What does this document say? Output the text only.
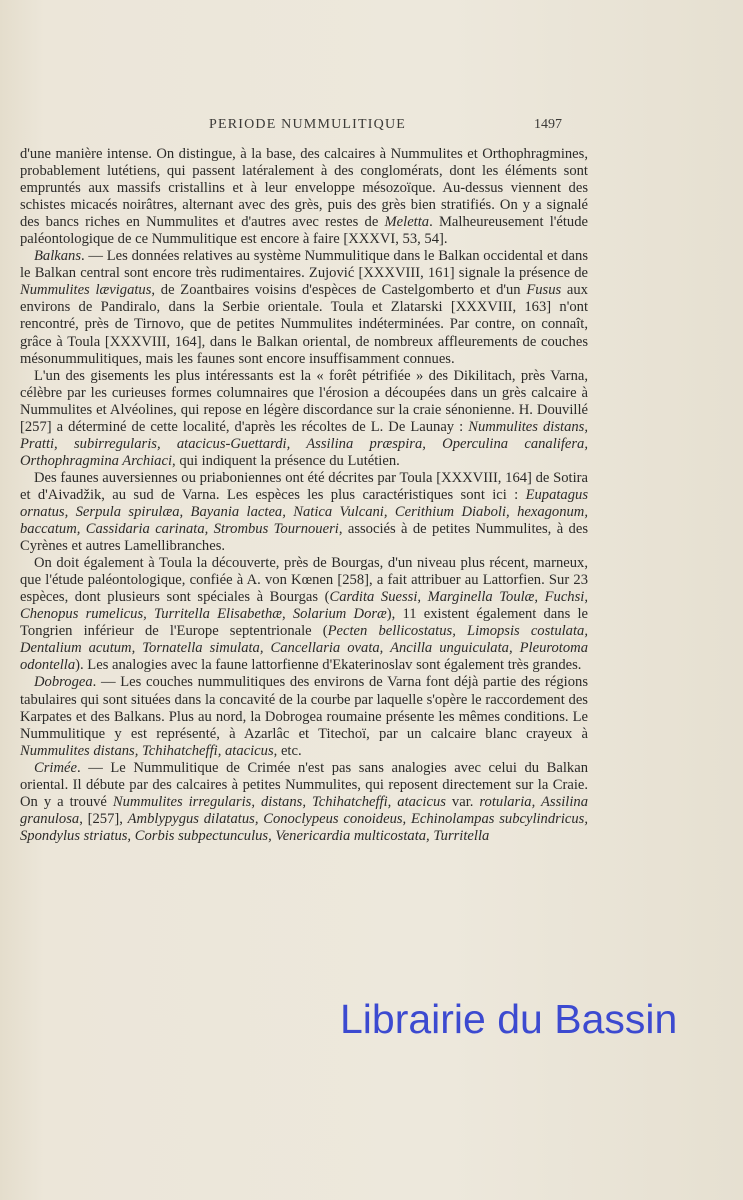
PERIODE NUMMULITIQUE	1497

d'une manière intense. On distingue, à la base, des calcaires à Nummulites et Orthophragmines, probablement lutétiens, qui passent latéralement à des conglomérats, dont les éléments sont empruntés aux massifs cristallins et à leur enveloppe mésozoïque. Au-dessus viennent des schistes micacés noirâtres, alternant avec des grès, puis des grès bien stratifiés. On y a signalé des bancs riches en Nummulites et d'autres avec restes de Meletta. Malheureusement l'étude paléontologique de ce Nummulitique est encore à faire [XXXVI, 53, 54].

Balkans. — Les données relatives au système Nummulitique dans le Balkan occidental et dans le Balkan central sont encore très rudimentaires. Zujović [XXXVIII, 161] signale la présence de Nummulites lævigatus, de Zoantbaires voisins d'espèces de Castelgomberto et d'un Fusus aux environs de Pandiralo, dans la Serbie orientale. Toula et Zlatarski [XXXVIII, 163] n'ont rencontré, près de Tirnovo, que de petites Nummulites indéterminées. Par contre, on connaît, grâce à Toula [XXXVIII, 164], dans le Balkan oriental, de nombreux affleurements de couches mésonummulitiques, mais les faunes sont encore insuffisamment connues.

L'un des gisements les plus intéressants est la « forêt pétrifiée » des Dikilitach, près Varna, célèbre par les curieuses formes columnaires que l'érosion a découpées dans un grès calcaire à Nummulites et Alvéolines, qui repose en légère discordance sur la craie sénonienne. H. Douvillé [257] a déterminé de cette localité, d'après les récoltes de L. De Launay : Nummulites distans, Pratti, subirregularis, atacicus-Guettardi, Assilina præspira, Operculina canalifera, Orthophragmina Archiaci, qui indiquent la présence du Lutétien.

Des faunes auversiennes ou priaboniennes ont été décrites par Toula [XXXVIII, 164] de Sotira et d'Aivadžik, au sud de Varna. Les espèces les plus caractéristiques sont ici : Eupatagus ornatus, Serpula spirulæa, Bayania lactea, Natica Vulcani, Cerithium Diaboli, hexagonum, baccatum, Cassidaria carinata, Strombus Tournoueri, associés à de petites Nummulites, à des Cyrènes et autres Lamellibranches.

On doit également à Toula la découverte, près de Bourgas, d'un niveau plus récent, marneux, que l'étude paléontologique, confiée à A. von Kœnen [258], a fait attribuer au Lattorfien. Sur 23 espèces, dont plusieurs sont spéciales à Bourgas (Cardita Suessi, Marginella Toulæ, Fuchsi, Chenopus rumelicus, Turritella Elisabethæ, Solarium Doræ), 11 existent également dans le Tongrien inférieur de l'Europe septentrionale (Pecten bellicostatus, Limopsis costulata, Dentalium acutum, Tornatella simulata, Cancellaria ovata, Ancilla unguiculata, Pleurotoma odontella). Les analogies avec la faune lattorfienne d'Ekaterinoslav sont également très grandes.

Dobrogea. — Les couches nummulitiques des environs de Varna font déjà partie des régions tabulaires qui sont situées dans la concavité de la courbe par laquelle s'opère le raccordement des Karpates et des Balkans. Plus au nord, la Dobrogea roumaine présente les mêmes conditions. Le Nummulitique y est représenté, à Azarlâc et Titechoï, par un calcaire blanc crayeux à Nummulites distans, Tchihatcheffi, atacicus, etc.

Crimée. — Le Nummulitique de Crimée n'est pas sans analogies avec celui du Balkan oriental. Il débute par des calcaires à petites Nummulites, qui reposent directement sur la Craie. On y a trouvé Nummulites irregularis, distans, Tchihatcheffi, atacicus var. rotularia, Assilina granulosa, [257], Amblypygus dilatatus, Conoclypeus conoideus, Echinolampas subcylindricus, Spondylus striatus, Corbis subpectunculus, Venericardia multicostata, Turritella

Librairie du Bassin
